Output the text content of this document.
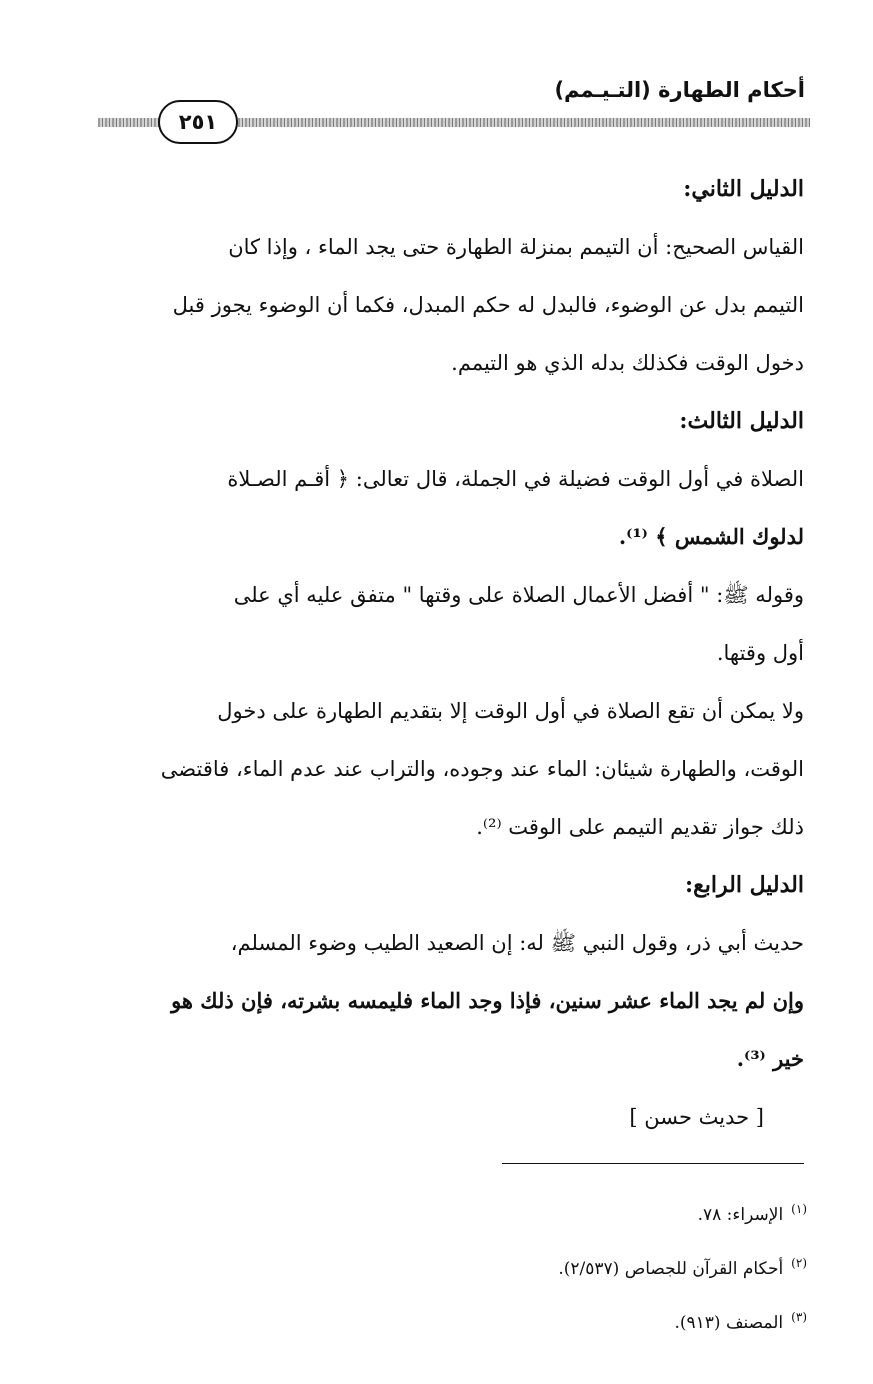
أحكام الطهارة (التـيـمم)
٢٥١
الدليل الثاني:
القياس الصحيح: أن التيمم بمنزلة الطهارة حتى يجد الماء ، وإذا كان
التيمم بدل عن الوضوء، فالبدل له حكم المبدل، فكما أن الوضوء يجوز قبل
دخول الوقت فكذلك بدله الذي هو التيمم.
الدليل الثالث:
الصلاة في أول الوقت فضيلة في الجملة، قال تعالى: ﴿ أقـم الصـلاة
لدلوك الشمس ﴾ ⁽¹⁾.
وقوله ﷺ: " أفضل الأعمال الصلاة على وقتها " متفق عليه أي على
أول وقتها.
ولا يمكن أن تقع الصلاة في أول الوقت إلا بتقديم الطهارة على دخول
الوقت، والطهارة شيئان: الماء عند وجوده، والتراب عند عدم الماء، فاقتضى
ذلك جواز تقديم التيمم على الوقت ⁽²⁾.
الدليل الرابع:
حديث أبي ذر، وقول النبي ﷺ له: إن الصعيد الطيب وضوء المسلم،
وإن لم يجد الماء عشر سنين، فإذا وجد الماء فليمسه بشرته، فإن ذلك هو
خير ⁽³⁾.
[ حديث حسن ]
$^{(١)}$الإسراء: ٧٨.
$^{(٢)}$أحكام القرآن للجصاص (٢/٥٣٧).
$^{(٣)}$المصنف (٩١٣).
